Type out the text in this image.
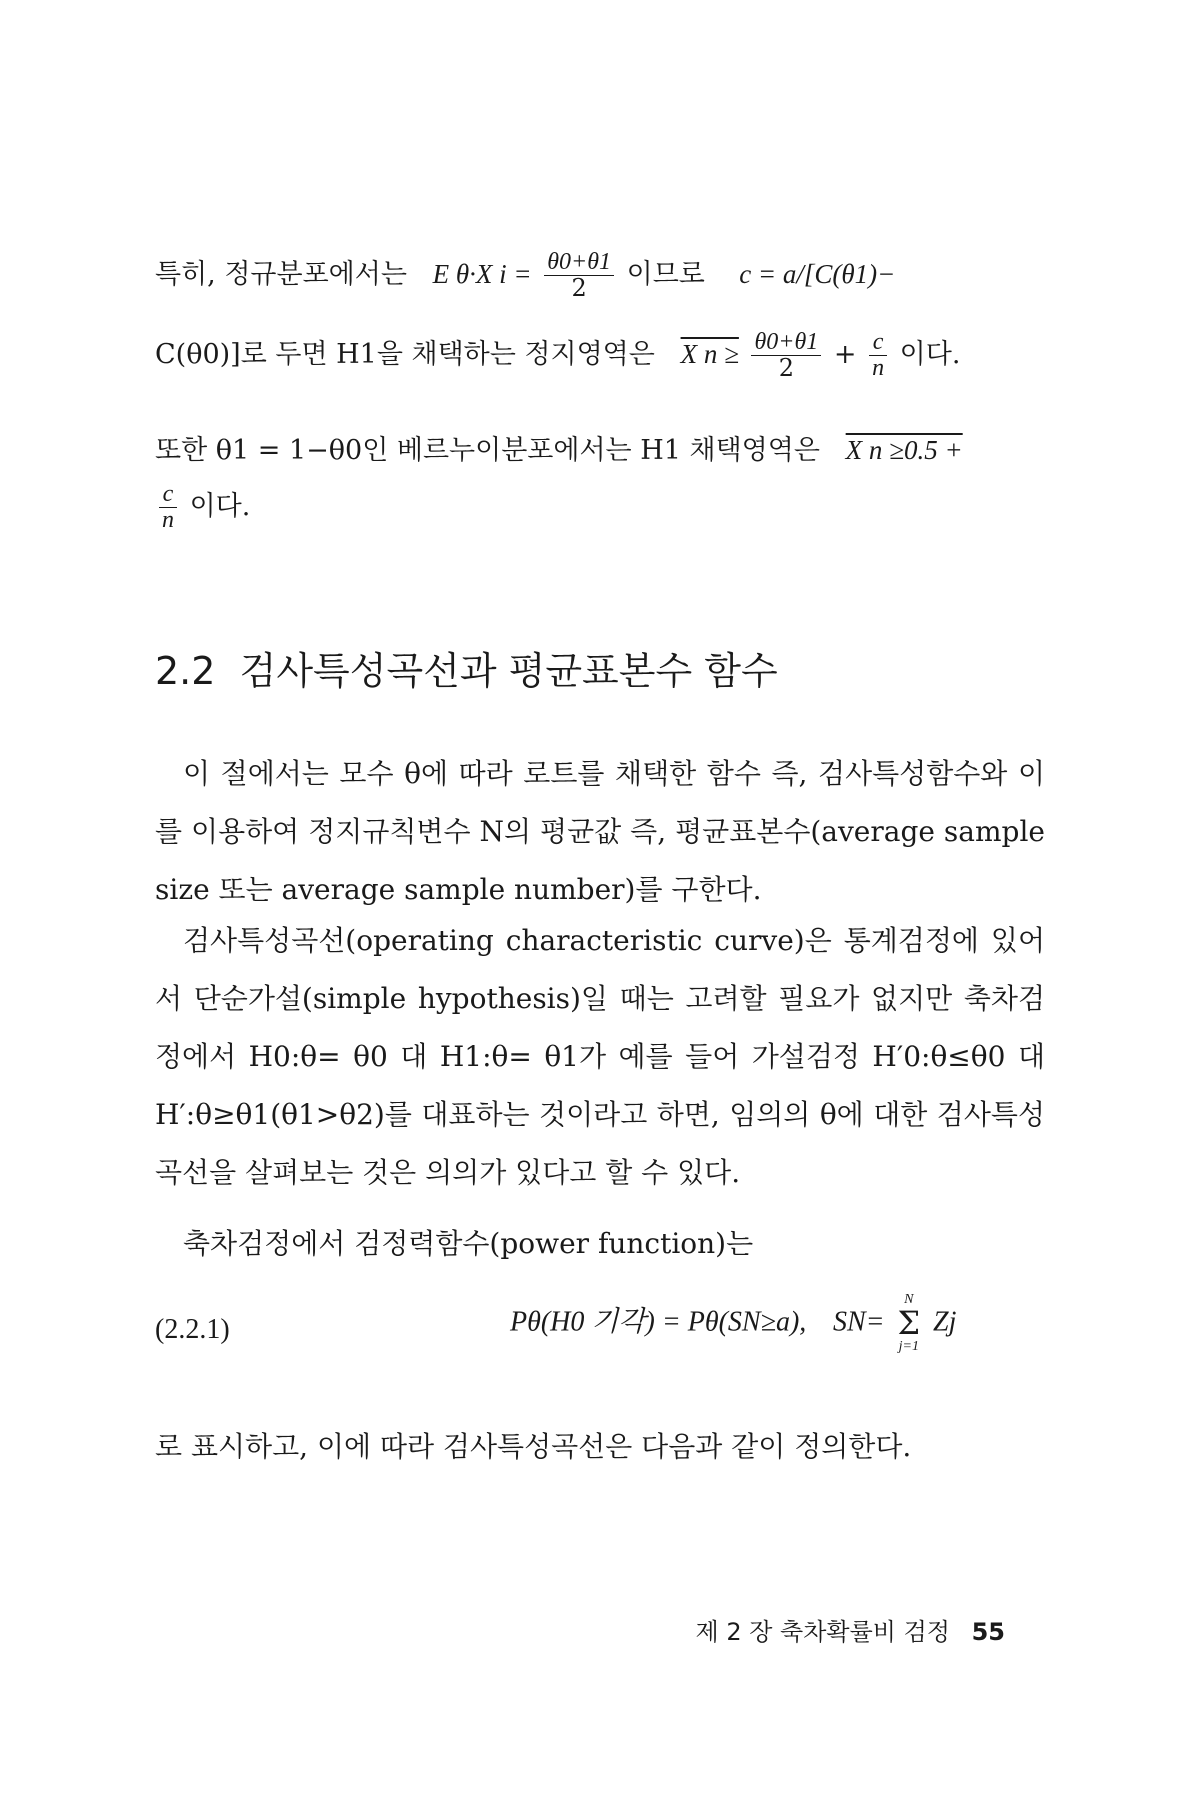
특히, 정규분포에서는 E θ·X $i = \frac{\theta 0+\theta 1}{2}$ 이므로 c = a/[C(θ1)−
C(θ0)]로 두면 H1을 채택하는 정지영역은 X $n \ge \frac{\theta 0+\theta 1}{2} + \frac{c}{n}$ 이다.
또한 θ1 = 1−θ0인 베르누이분포에서는 H1 채택영역은 X n ≥0.5 +
$\frac{c}{n}$ 이다.
2.2 검사특성곡선과 평균표본수 함수
이 절에서는 모수 θ에 따라 로트를 채택한 함수 즉, 검사특성함수와 이를 이용하여 정지규칙변수 N의 평균값 즉, 평균표본수(average sample size 또는 average sample number)를 구한다.
검사특성곡선(operating characteristic curve)은 통계검정에 있어서 단순가설(simple hypothesis)일 때는 고려할 필요가 없지만 축차검정에서 H0:θ= θ0 대 H1:θ= θ1가 예를 들어 가설검정 H′0:θ≤θ0 대 H′:θ≥θ1(θ1>θ2)를 대표하는 것이라고 하면, 임의의 θ에 대한 검사특성곡선을 살펴보는 것은 의의가 있다고 할 수 있다.
축차검정에서 검정력함수(power function)는
(2.2.1)	Pθ(H0 기각) = Pθ(SN≥a), SN= N
Σ
j=1 Zj
로 표시하고, 이에 따라 검사특성곡선은 다음과 같이 정의한다.
제 2 장 축차확률비 검정 55
